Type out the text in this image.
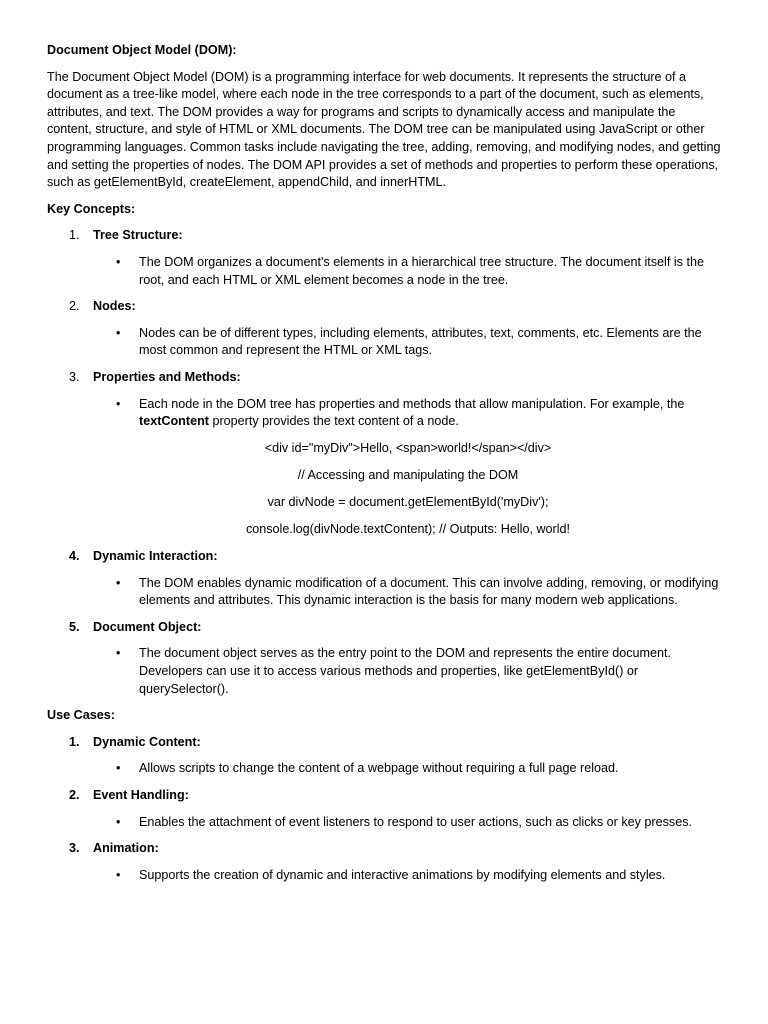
Document Object Model (DOM):
The Document Object Model (DOM) is a programming interface for web documents. It represents the structure of a document as a tree-like model, where each node in the tree corresponds to a part of the document, such as elements, attributes, and text. The DOM provides a way for programs and scripts to dynamically access and manipulate the content, structure, and style of HTML or XML documents. The DOM tree can be manipulated using JavaScript or other programming languages. Common tasks include navigating the tree, adding, removing, and modifying nodes, and getting and setting the properties of nodes. The DOM API provides a set of methods and properties to perform these operations, such as getElementById, createElement, appendChild, and innerHTML.
Key Concepts:
1. Tree Structure:
• The DOM organizes a document's elements in a hierarchical tree structure. The document itself is the root, and each HTML or XML element becomes a node in the tree.
2. Nodes:
• Nodes can be of different types, including elements, attributes, text, comments, etc. Elements are the most common and represent the HTML or XML tags.
3. Properties and Methods:
• Each node in the DOM tree has properties and methods that allow manipulation. For example, the textContent property provides the text content of a node.
<div id="myDiv">Hello, <span>world!</span></div>
// Accessing and manipulating the DOM
var divNode = document.getElementById('myDiv');
console.log(divNode.textContent); // Outputs: Hello, world!
4. Dynamic Interaction:
• The DOM enables dynamic modification of a document. This can involve adding, removing, or modifying elements and attributes. This dynamic interaction is the basis for many modern web applications.
5. Document Object:
• The document object serves as the entry point to the DOM and represents the entire document. Developers can use it to access various methods and properties, like getElementById() or querySelector().
Use Cases:
1. Dynamic Content:
• Allows scripts to change the content of a webpage without requiring a full page reload.
2. Event Handling:
• Enables the attachment of event listeners to respond to user actions, such as clicks or key presses.
3. Animation:
• Supports the creation of dynamic and interactive animations by modifying elements and styles.
